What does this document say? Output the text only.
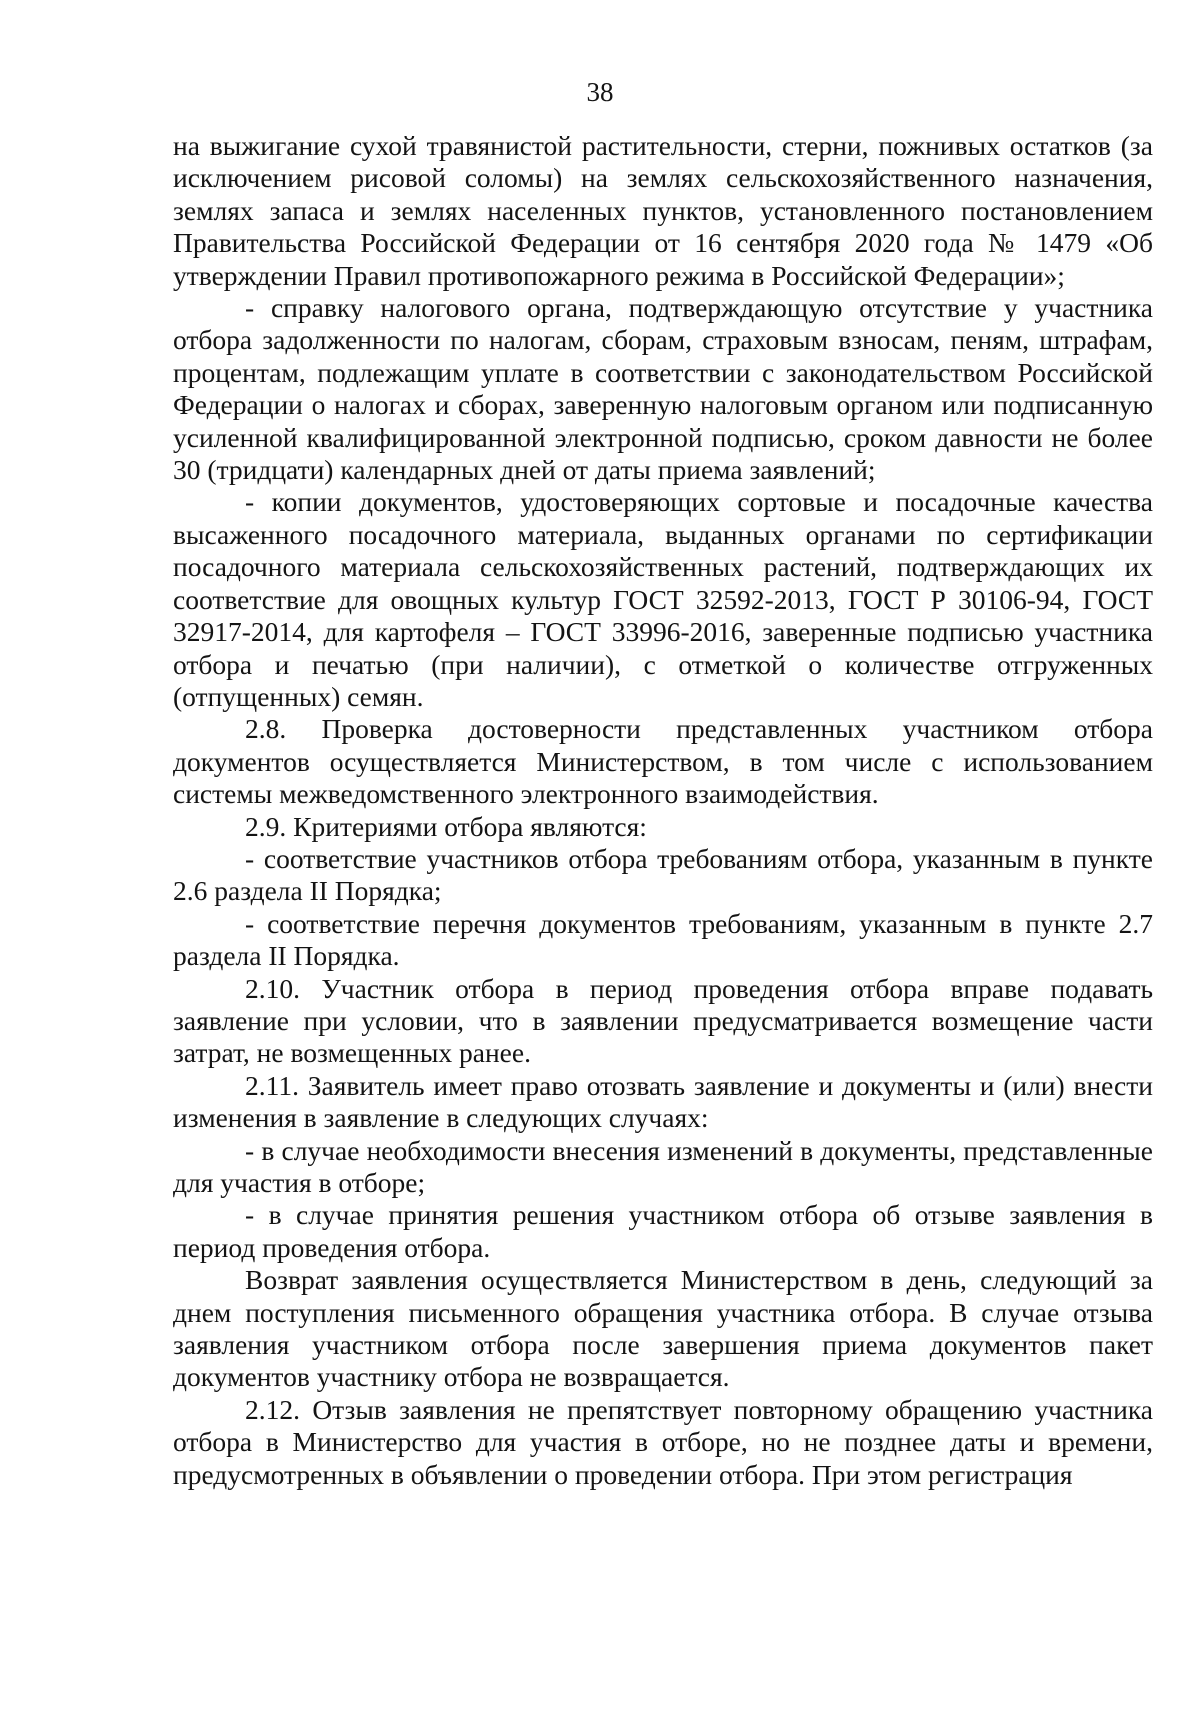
38

на выжигание сухой травянистой растительности, стерни, пожнивых остатков (за исключением рисовой соломы) на землях сельскохозяйственного назначения, землях запаса и землях населенных пунктов, установленного постановлением Правительства Российской Федерации от 16 сентября 2020 года № 1479 «Об утверждении Правил противопожарного режима в Российской Федерации»;

- справку налогового органа, подтверждающую отсутствие у участника отбора задолженности по налогам, сборам, страховым взносам, пеням, штрафам, процентам, подлежащим уплате в соответствии с законодательством Российской Федерации о налогах и сборах, заверенную налоговым органом или подписанную усиленной квалифицированной электронной подписью, сроком давности не более 30 (тридцати) календарных дней от даты приема заявлений;

- копии документов, удостоверяющих сортовые и посадочные качества высаженного посадочного материала, выданных органами по сертификации посадочного материала сельскохозяйственных растений, подтверждающих их соответствие для овощных культур ГОСТ 32592-2013, ГОСТ Р 30106-94, ГОСТ 32917-2014, для картофеля – ГОСТ 33996-2016, заверенные подписью участника отбора и печатью (при наличии), с отметкой о количестве отгруженных (отпущенных) семян.

2.8. Проверка достоверности представленных участником отбора документов осуществляется Министерством, в том числе с использованием системы межведомственного электронного взаимодействия.

2.9. Критериями отбора являются:

- соответствие участников отбора требованиям отбора, указанным в пункте 2.6 раздела II Порядка;

- соответствие перечня документов требованиям, указанным в пункте 2.7 раздела II Порядка.

2.10. Участник отбора в период проведения отбора вправе подавать заявление при условии, что в заявлении предусматривается возмещение части затрат, не возмещенных ранее.

2.11. Заявитель имеет право отозвать заявление и документы и (или) внести изменения в заявление в следующих случаях:

- в случае необходимости внесения изменений в документы, представленные для участия в отборе;

- в случае принятия решения участником отбора об отзыве заявления в период проведения отбора.

Возврат заявления осуществляется Министерством в день, следующий за днем поступления письменного обращения участника отбора. В случае отзыва заявления участником отбора после завершения приема документов пакет документов участнику отбора не возвращается.

2.12. Отзыв заявления не препятствует повторному обращению участника отбора в Министерство для участия в отборе, но не позднее даты и времени, предусмотренных в объявлении о проведении отбора. При этом регистрация
